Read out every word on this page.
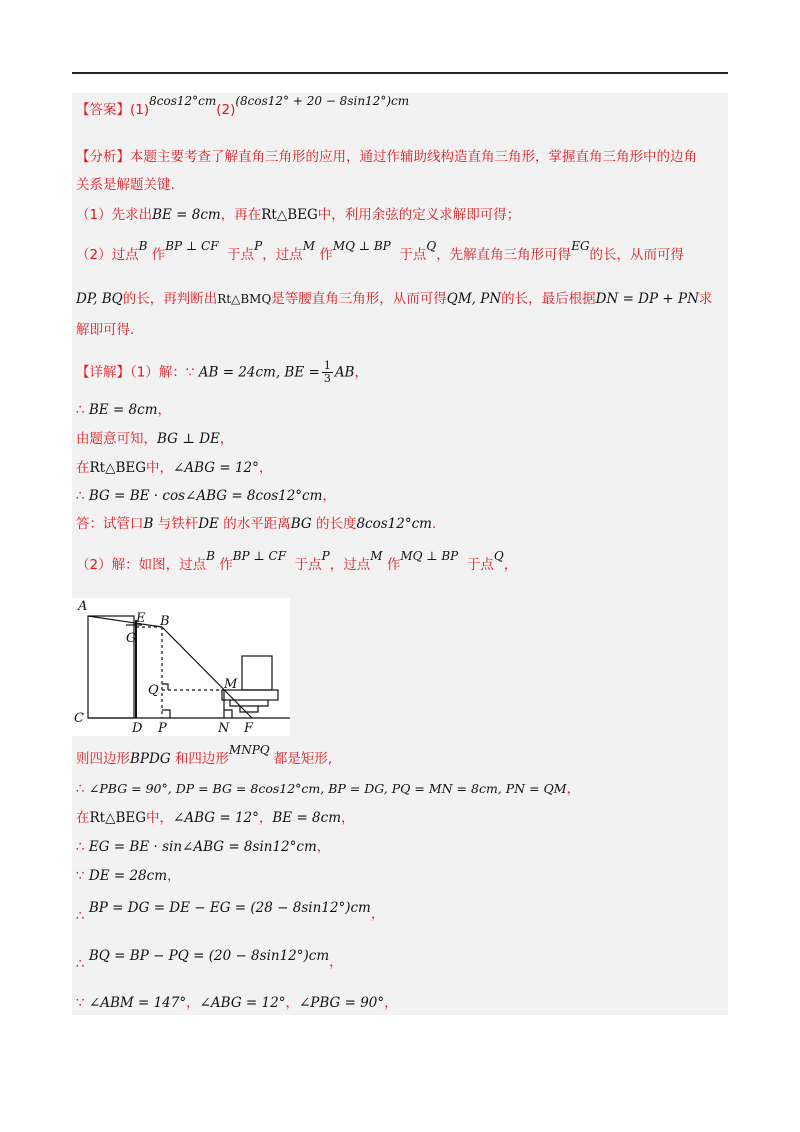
【答案】(1)8cos12°cm(2)(8cos12° + 20 − 8sin12°)cm
【分析】本题主要考查了解直角三角形的应用，通过作辅助线构造直角三角形，掌握直角三角形中的边角
关系是解题关键.
（1）先求出BE = 8cm，再在Rt△BEG中，利用余弦的定义求解即可得；
（2）过点B 作BP ⊥ CF  于点P，过点M 作MQ ⊥ BP  于点Q，先解直角三角形可得EG的长，从而可得
DP, BQ的长，再判断出Rt△BMQ是等腰直角三角形，从而可得QM, PN的长，最后根据DN = DP + PN求
解即可得.
【详解】（1）解：∵ AB = 24cm, BE = $\frac{1}{3}$ AB，
∴ BE = 8cm，
由题意可知，BG ⊥ DE，
在Rt△BEG中，∠ABG = 12°，
∴ BG = BE · cos∠ABG = 8cos12°cm，
答：试管口B 与铁杆DE 的水平距离BG 的长度8cos12°cm.
（2）解：如图，过点B 作BP ⊥ CF  于点P，过点M 作MQ ⊥ BP  于点Q，
A
E B
G
Q	M
C
D P	N F
则四边形BPDG 和四边形MNPQ 都是矩形,
∴ ∠PBG = 90°, DP = BG = 8cos12°cm, BP = DG, PQ = MN = 8cm, PN = QM，
在Rt△BEG中，∠ABG = 12°，BE = 8cm，
∴ EG = BE · sin∠ABG = 8sin12°cm，
∵ DE = 28cm，
∴ BP = DG = DE − EG = (28 − 8sin12°)cm，
∴ BQ = BP − PQ = (20 − 8sin12°)cm，
∵ ∠ABM = 147°，∠ABG = 12°，∠PBG = 90°，
